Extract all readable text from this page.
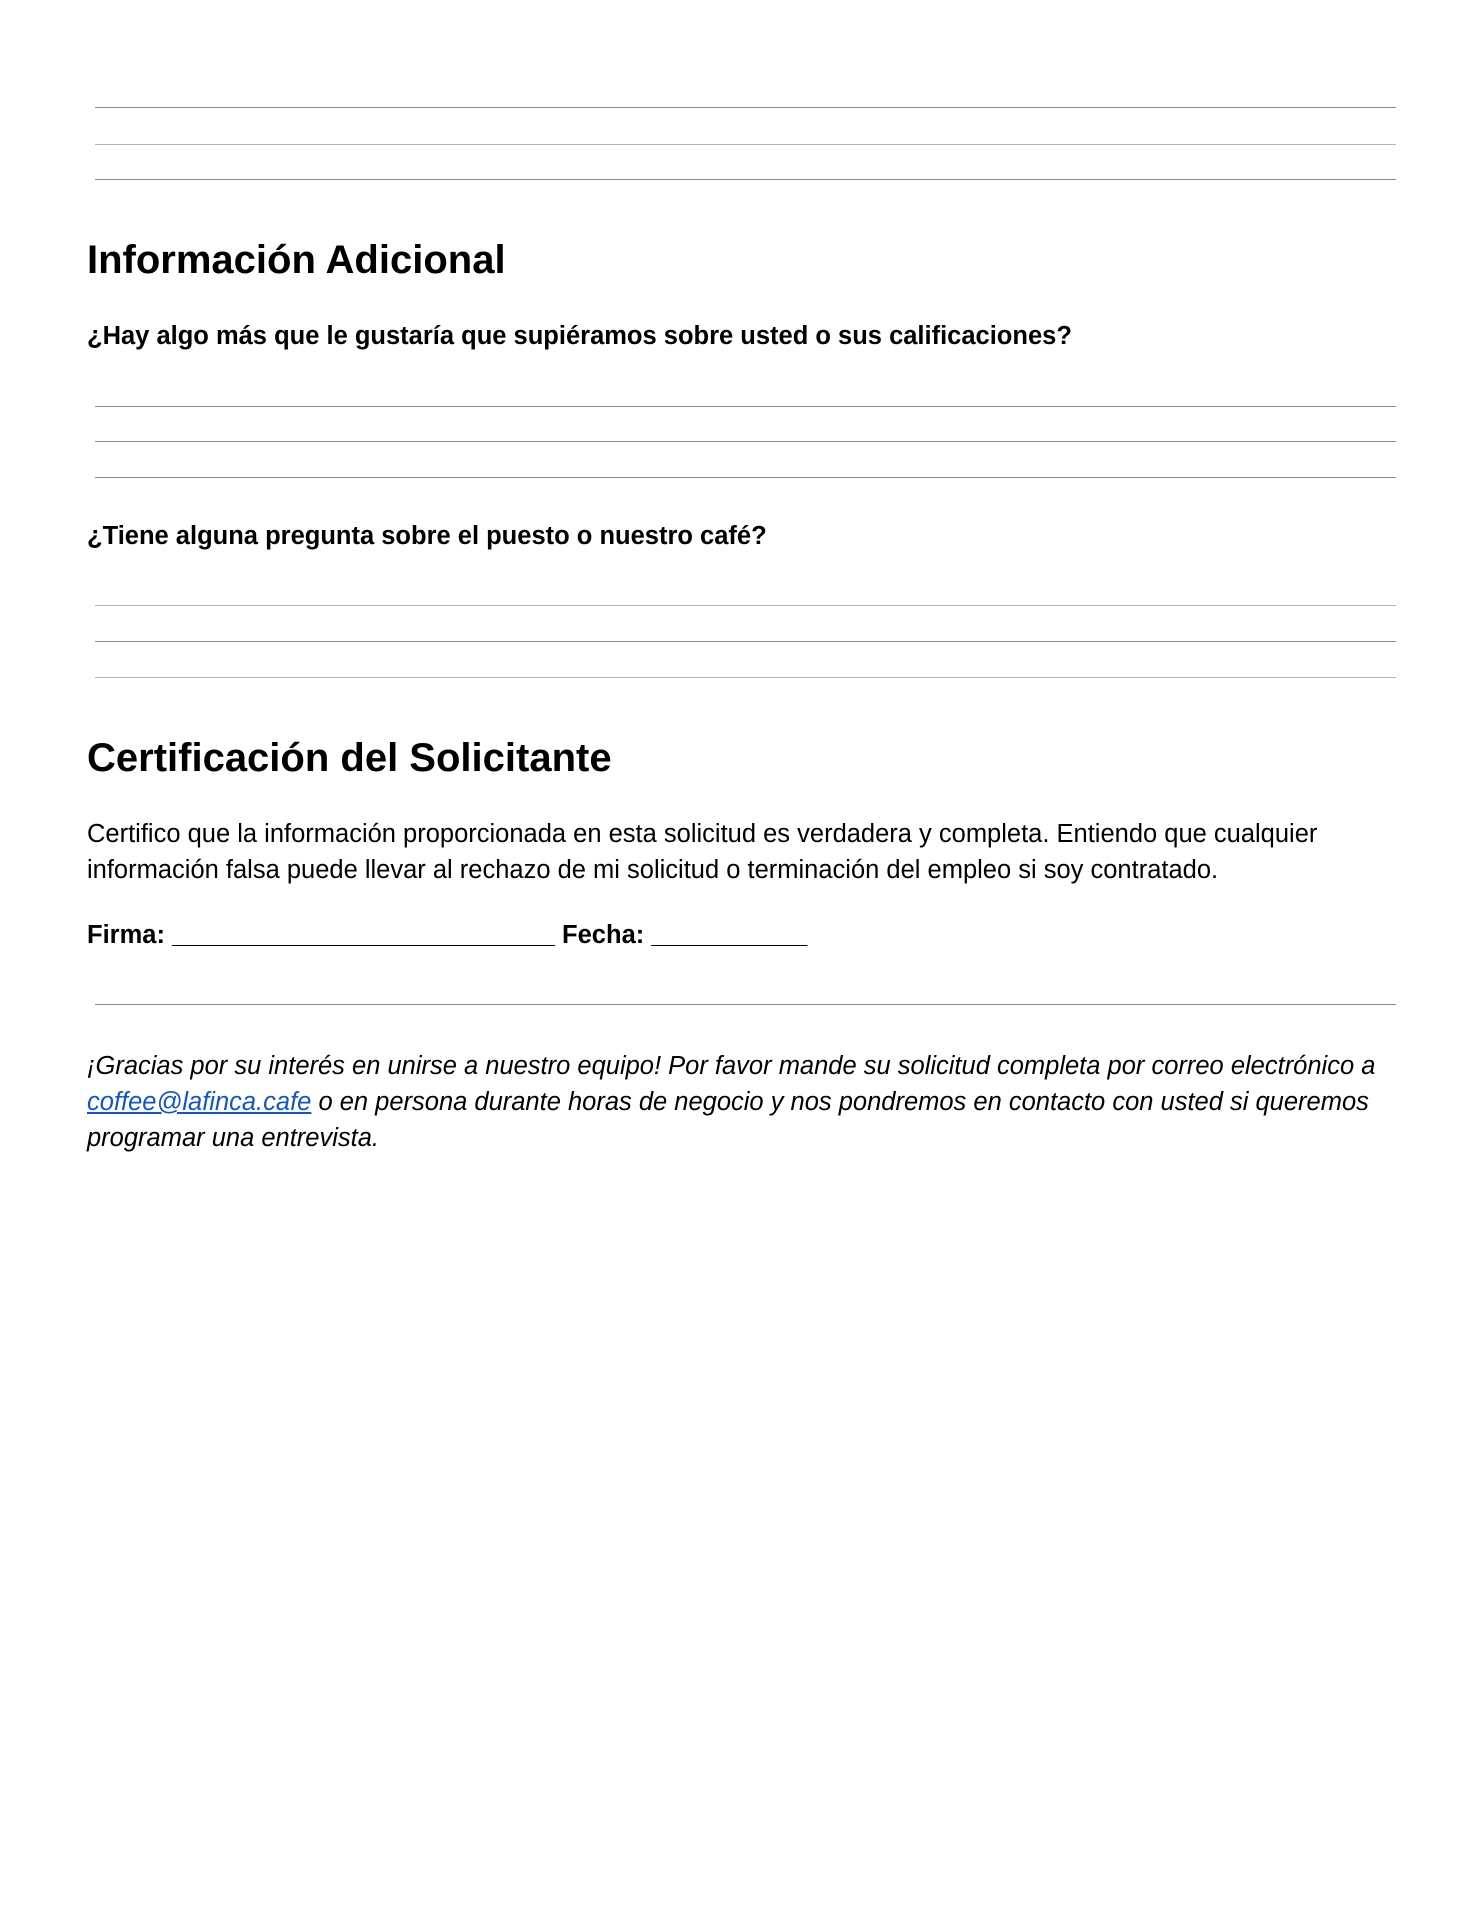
Información Adicional

¿Hay algo más que le gustaría que supiéramos sobre usted o sus calificaciones?

¿Tiene alguna pregunta sobre el puesto o nuestro café?

Certificación del Solicitante

Certifico que la información proporcionada en esta solicitud es verdadera y completa. Entiendo que cualquier información falsa puede llevar al rechazo de mi solicitud o terminación del empleo si soy contratado.

Firma: ___________________________ Fecha: ___________

¡Gracias por su interés en unirse a nuestro equipo! Por favor mande su solicitud completa por correo electrónico a coffee@lafinca.cafe o en persona durante horas de negocio y nos pondremos en contacto con usted si queremos programar una entrevista.
